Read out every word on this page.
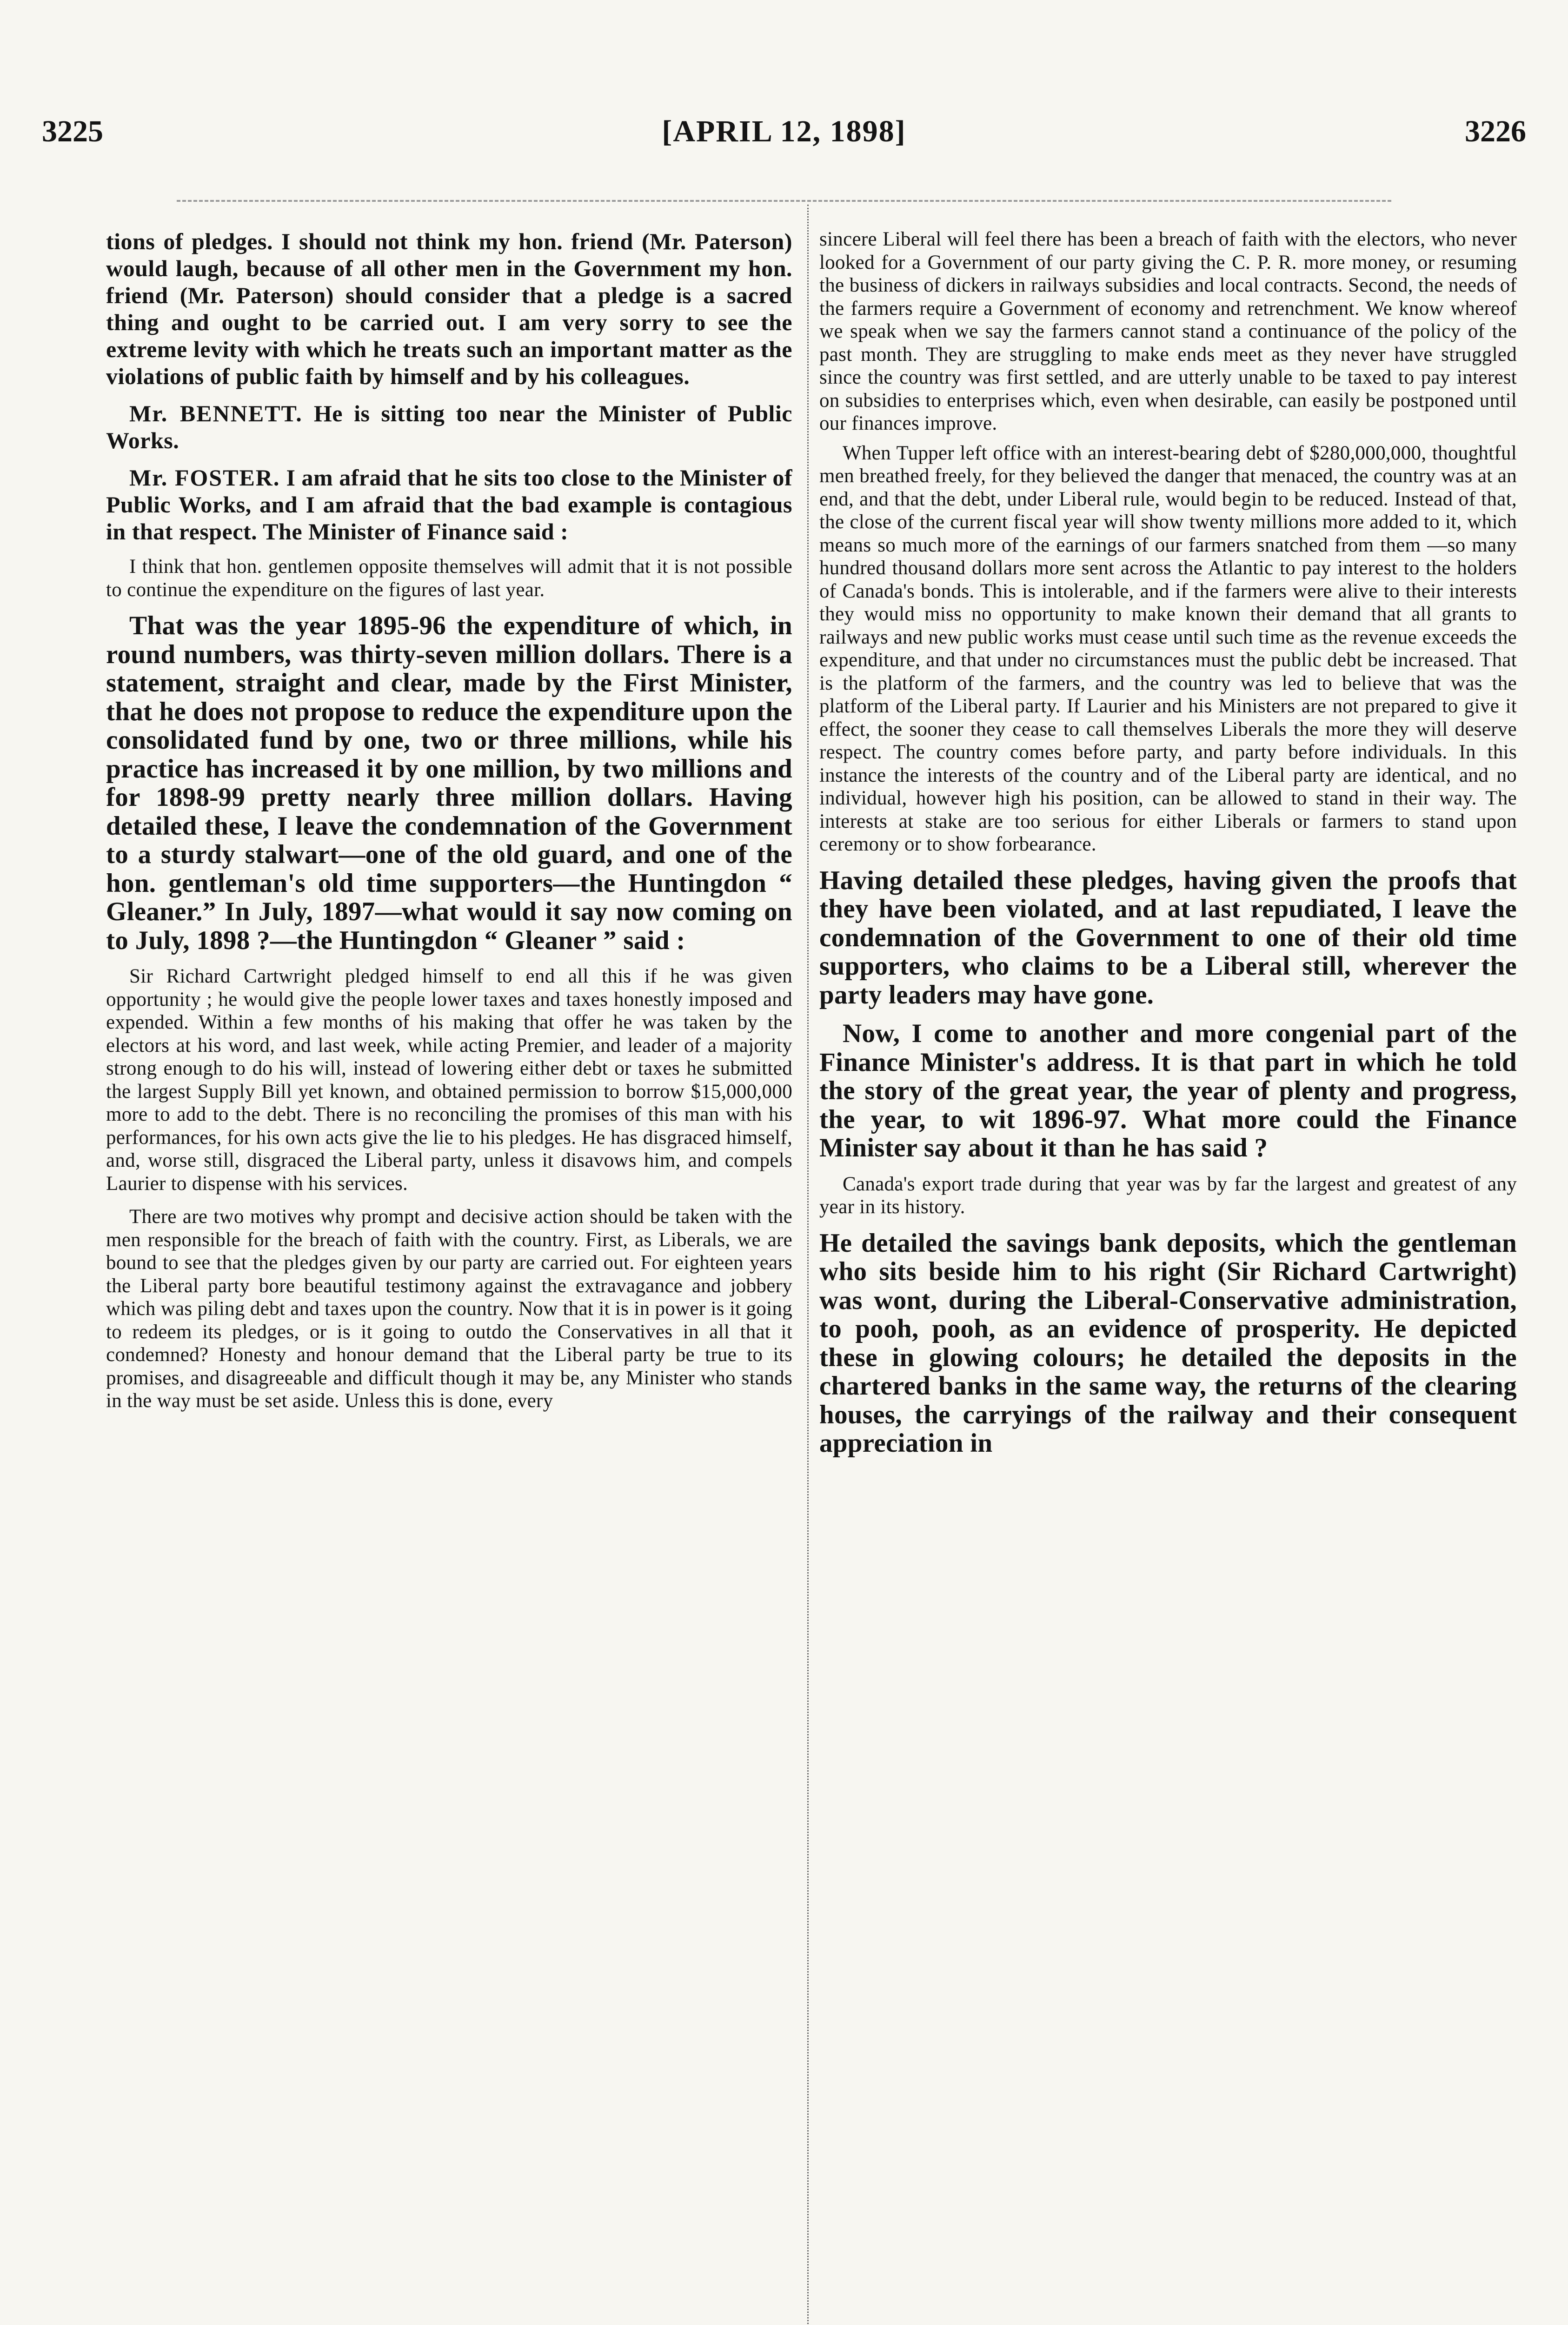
3225	[APRIL 12, 1898]	3226

tions of pledges. I should not think my hon. friend (Mr. Paterson) would laugh, because of all other men in the Government my hon. friend (Mr. Paterson) should consider that a pledge is a sacred thing and ought to be carried out. I am very sorry to see the extreme levity with which he treats such an important matter as the violations of public faith by himself and by his colleagues.

Mr. BENNETT. He is sitting too near the Minister of Public Works.

Mr. FOSTER. I am afraid that he sits too close to the Minister of Public Works, and I am afraid that the bad example is contagious in that respect. The Minister of Finance said :

I think that hon. gentlemen opposite themselves will admit that it is not possible to continue the expenditure on the figures of last year.

That was the year 1895-96 the expenditure of which, in round numbers, was thirty-seven million dollars. There is a statement, straight and clear, made by the First Minister, that he does not propose to reduce the expenditure upon the consolidated fund by one, two or three millions, while his practice has increased it by one million, by two millions and for 1898-99 pretty nearly three million dollars. Having detailed these, I leave the condemnation of the Government to a sturdy stalwart—one of the old guard, and one of the hon. gentleman's old time supporters—the Huntingdon “ Gleaner.” In July, 1897—what would it say now coming on to July, 1898 ?—the Huntingdon “ Gleaner ” said :

Sir Richard Cartwright pledged himself to end all this if he was given opportunity ; he would give the people lower taxes and taxes honestly imposed and expended. Within a few months of his making that offer he was taken by the electors at his word, and last week, while acting Premier, and leader of a majority strong enough to do his will, instead of lowering either debt or taxes he submitted the largest Supply Bill yet known, and obtained permission to borrow $15,000,000 more to add to the debt. There is no reconciling the promises of this man with his performances, for his own acts give the lie to his pledges. He has disgraced himself, and, worse still, disgraced the Liberal party, unless it disavows him, and compels Laurier to dispense with his services.

There are two motives why prompt and decisive action should be taken with the men responsible for the breach of faith with the country. First, as Liberals, we are bound to see that the pledges given by our party are carried out. For eighteen years the Liberal party bore beautiful testimony against the extravagance and jobbery which was piling debt and taxes upon the country. Now that it is in power is it going to redeem its pledges, or is it going to outdo the Conservatives in all that it condemned? Honesty and honour demand that the Liberal party be true to its promises, and disagreeable and difficult though it may be, any Minister who stands in the way must be set aside. Unless this is done, every

sincere Liberal will feel there has been a breach of faith with the electors, who never looked for a Government of our party giving the C. P. R. more money, or resuming the business of dickers in railways subsidies and local contracts. Second, the needs of the farmers require a Government of economy and retrenchment. We know whereof we speak when we say the farmers cannot stand a continuance of the policy of the past month. They are struggling to make ends meet as they never have struggled since the country was first settled, and are utterly unable to be taxed to pay interest on subsidies to enterprises which, even when desirable, can easily be postponed until our finances improve.

When Tupper left office with an interest-bearing debt of $280,000,000, thoughtful men breathed freely, for they believed the danger that menaced, the country was at an end, and that the debt, under Liberal rule, would begin to be reduced. Instead of that, the close of the current fiscal year will show twenty millions more added to it, which means so much more of the earnings of our farmers snatched from them —so many hundred thousand dollars more sent across the Atlantic to pay interest to the holders of Canada's bonds. This is intolerable, and if the farmers were alive to their interests they would miss no opportunity to make known their demand that all grants to railways and new public works must cease until such time as the revenue exceeds the expenditure, and that under no circumstances must the public debt be increased. That is the platform of the farmers, and the country was led to believe that was the platform of the Liberal party. If Laurier and his Ministers are not prepared to give it effect, the sooner they cease to call themselves Liberals the more they will deserve respect. The country comes before party, and party before individuals. In this instance the interests of the country and of the Liberal party are identical, and no individual, however high his position, can be allowed to stand in their way. The interests at stake are too serious for either Liberals or farmers to stand upon ceremony or to show forbearance.

Having detailed these pledges, having given the proofs that they have been violated, and at last repudiated, I leave the condemnation of the Government to one of their old time supporters, who claims to be a Liberal still, wherever the party leaders may have gone.

Now, I come to another and more congenial part of the Finance Minister's address. It is that part in which he told the story of the great year, the year of plenty and progress, the year, to wit 1896-97. What more could the Finance Minister say about it than he has said ?

Canada's export trade during that year was by far the largest and greatest of any year in its history.

He detailed the savings bank deposits, which the gentleman who sits beside him to his right (Sir Richard Cartwright) was wont, during the Liberal-Conservative administration, to pooh, pooh, as an evidence of prosperity. He depicted these in glowing colours; he detailed the deposits in the chartered banks in the same way, the returns of the clearing houses, the carryings of the railway and their consequent appreciation in
